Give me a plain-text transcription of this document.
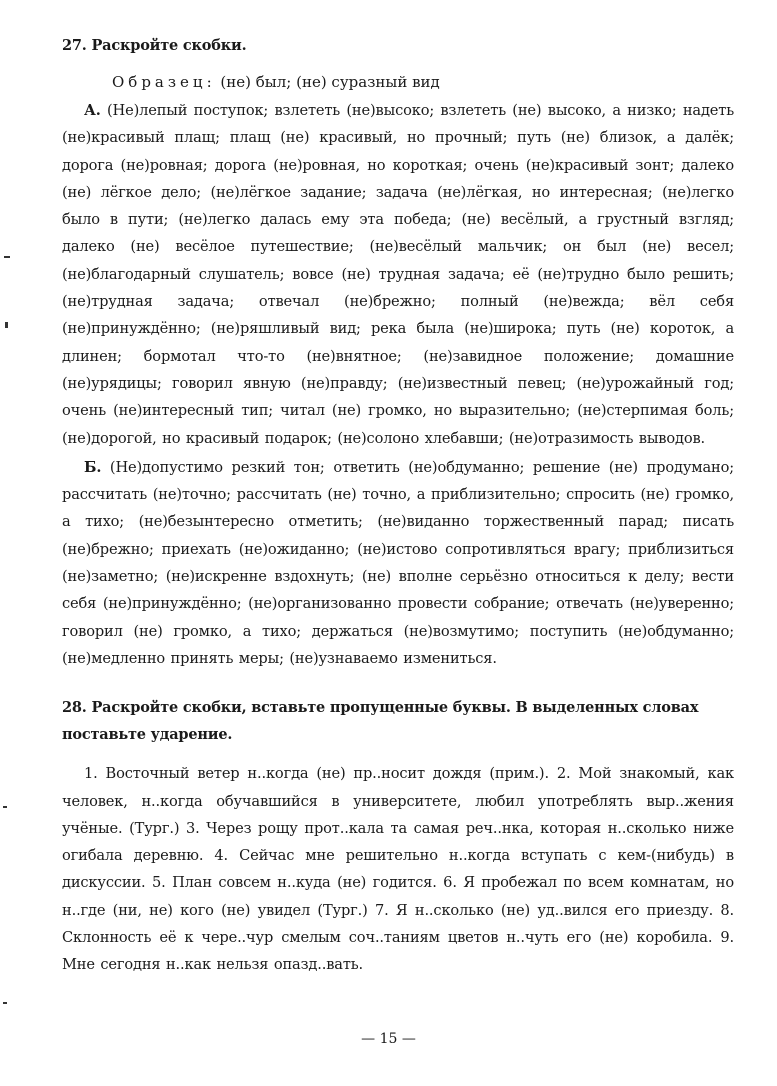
27. Раскройте скобки.

Образец: (не) был; (не) суразный вид

А. (Не)лепый поступок; взлететь (не)высоко; взлететь (не) высоко, а низко; надеть (не)красивый плащ; плащ (не) красивый, но прочный; путь (не) близок, а далёк; дорога (не)ровная; дорога (не)ровная, но короткая; очень (не)красивый зонт; далеко (не) лёгкое дело; (не)лёгкое задание; задача (не)лёгкая, но интересная; (не)легко было в пути; (не)легко далась ему эта победа; (не) весёлый, а грустный взгляд; далеко (не) весёлое путешествие; (не)весёлый мальчик; он был (не) весел; (не)благодарный слушатель; вовсе (не) трудная задача; её (не)трудно было решить; (не)трудная задача; отвечал (не)брежно; полный (не)вежда; вёл себя (не)принуждённо; (не)ряшливый вид; река была (не)широка; путь (не) короток, а длинен; бормотал что-то (не)внятное; (не)завидное положение; домашние (не)урядицы; говорил явную (не)правду; (не)известный певец; (не)урожайный год; очень (не)интересный тип; читал (не) громко, но выразительно; (не)стерпимая боль; (не)дорогой, но красивый подарок; (не)солоно хлебавши; (не)отразимость выводов.

Б. (Не)допустимо резкий тон; ответить (не)обдуманно; решение (не) продумано; рассчитать (не)точно; рассчитать (не) точно, а приблизительно; спросить (не) громко, а тихо; (не)безынтересно отметить; (не)виданно торжественный парад; писать (не)брежно; приехать (не)ожиданно; (не)истово сопротивляться врагу; приблизиться (не)заметно; (не)искренне вздохнуть; (не) вполне серьёзно относиться к делу; вести себя (не)принуждённо; (не)организованно провести собрание; отвечать (не)уверенно; говорил (не) громко, а тихо; держаться (не)возмутимо; поступить (не)обдуманно; (не)медленно принять меры; (не)узнаваемо измениться.

28. Раскройте скобки, вставьте пропущенные буквы. В выделенных словах поставьте ударение.

1. Восточный ветер н..когда (не) пр..носит дождя (прим.). 2. Мой знакомый, как человек, н..когда обучавшийся в университете, любил употреблять выр..жения учёные. (Тург.) 3. Через рощу прот..кала та самая реч..нка, которая н..сколько ниже огибала деревню. 4. Сейчас мне решительно н..когда вступать с кем-(нибудь) в дискуссии. 5. План совсем н..куда (не) годится. 6. Я пробежал по всем комнатам, но н..где (ни, не) кого (не) увидел (Тург.) 7. Я н..сколько (не) уд..вился его приезду. 8. Склонность её к чере..чур смелым соч..таниям цветов н..чуть его (не) коробила. 9. Мне сегодня н..как нельзя опазд..вать.

— 15 —
